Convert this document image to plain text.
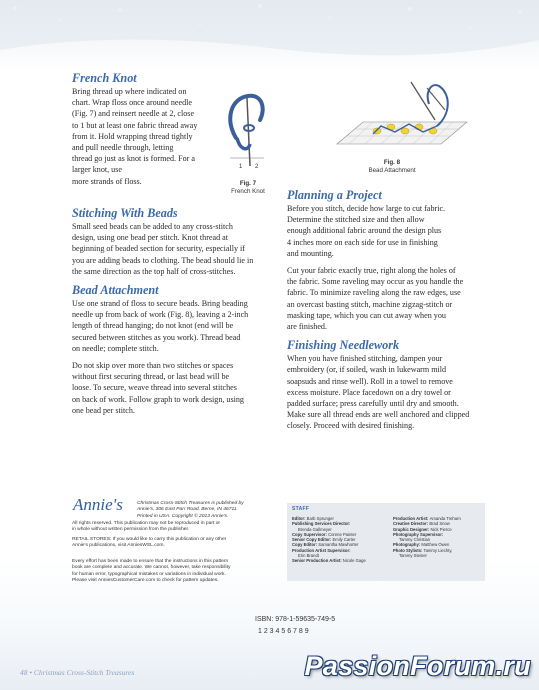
French Knot

Bring thread up where indicated on
chart. Wrap floss once around needle
(Fig. 7) and reinsert needle at 2, close
to 1 but at least one fabric thread away
from it. Hold wrapping thread tightly
and pull needle through, letting
thread go just as knot is formed. For a
larger knot, use
more strands of floss.

Stitching With Beads

Small seed beads can be added to any cross-stitch
design, using one bead per stitch. Knot thread at
beginning of beaded section for security, especially if
you are adding beads to clothing. The bead should lie in
the same direction as the top half of cross-stitches.

Bead Attachment

Use one strand of floss to secure beads. Bring beading
needle up from back of work (Fig. 8), leaving a 2-inch
length of thread hanging; do not knot (end will be
secured between stitches as you work). Thread bead
on needle; complete stitch.

Do not skip over more than two stitches or spaces
without first securing thread, or last bead will be
loose. To secure, weave thread into several stitches
on back of work. Follow graph to work design, using
one bead per stitch.

1 2
Fig. 7
French Knot
Fig. 8
Bead Attachment
Planning a Project

Before you stitch, decide how large to cut fabric.
Determine the stitched size and then allow
enough additional fabric around the design plus
4 inches more on each side for use in finishing
and mounting.

Cut your fabric exactly true, right along the holes of
the fabric. Some raveling may occur as you handle the
fabric. To minimize raveling along the raw edges, use
an overcast basting stitch, machine zigzag-stitch or
masking tape, which you can cut away when you
are finished.

Finishing Needlework

When you have finished stitching, dampen your
embroidery (or, if soiled, wash in lukewarm mild
soapsuds and rinse well). Roll in a towel to remove
excess moisture. Place facedown on a dry towel or
padded surface; press carefully until dry and smooth.
Make sure all thread ends are well anchored and clipped
closely. Proceed with desired finishing.

Annie's	Christmas Cross-Stitch Treasures is published by
Annie's, 306 East Parr Road, Berne, IN 46711.
Printed in USA. Copyright © 2013 Annie's.
All rights reserved. This publication may not be reproduced in part or
in whole without written permission from the publisher.
RETAIL STORES: If you would like to carry this publication or any other
Annie's publications, visit AnniesWSL.com.
Every effort has been made to ensure that the instructions in this pattern
book are complete and accurate. We cannot, however, take responsibility
for human error, typographical mistakes or variations in individual work.
Please visit AnniesCustomerCare.com to check for pattern updates.
STAFF
Editor: Barb Sprunger
Publishing Services Director:
Brenda Gallmeyer
Copy Supervisor: Corene Painter
Senior Copy Editor: Emily Carter
Copy Editor: Samantha Mawhorter
Production Artist Supervisor:
Erin Brandt
Senior Production Artist: Nicole Gage
Production Artist: Amanda Treharn
Creative Director: Brad Snow
Graphic Designer: Nick Pierce
Photography Supervisor:
Tammy Christian
Photography: Matthew Owen
Photo Stylists: Tammy Liechty,
Tammy Steiner
ISBN: 978-1-59635-749-5
1 2 3 4 5 6 7 8 9
48 • Christmas Cross-Stitch Treasures	PassionForum.ru
